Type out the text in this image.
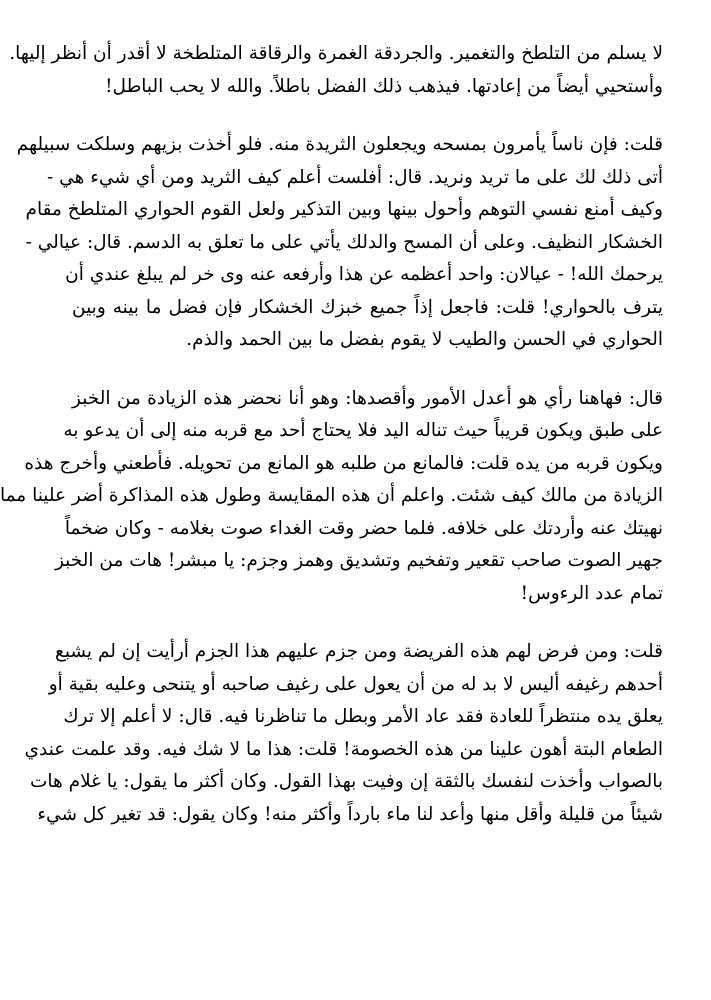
لا يسلم من التلطخ والتغمير. والجردقة الغمرة والرقاقة المتلطخة لا أقدر أن أنظر إليها.
وأستحيي أيضاً من إعادتها. فيذهب ذلك الفضل باطلاً. والله لا يحب الباطل!
قلت: فإن ناساً يأمرون بمسحه ويجعلون الثريدة منه. فلو أخذت بزيهم وسلكت سبيلهم
أتى ذلك لك على ما تريد ونريد. قال: أفلست أعلم كيف الثريد ومن أي شيء هي -
وكيف أمنع نفسي التوهم وأحول بينها وبين التذكير ولعل القوم الحواري المتلطخ مقام
الخشكار النظيف. وعلى أن المسح والدلك يأتي على ما تعلق به الدسم. قال: عيالي -
يرحمك الله! - عيالان: واحد أعظمه عن هذا وأرفعه عنه وى خر لم يبلغ عندي أن
يترف بالحواري! قلت: فاجعل إذاً جميع خبزك الخشكار فإن فضل ما بينه وبين
الحواري في الحسن والطيب لا يقوم بفضل ما بين الحمد والذم.
قال: فهاهنا رأي هو أعدل الأمور وأقصدها: وهو أنا نحضر هذه الزيادة من الخبز
على طبق ويكون قريباً حيث تناله اليد فلا يحتاج أحد مع قربه منه إلى أن يدعو به
ويكون قربه من يده قلت: فالمانع من طلبه هو المانع من تحويله. فأطعني وأخرج هذه
الزيادة من مالك كيف شئت. واعلم أن هذه المقايسة وطول هذه المذاكرة أضر علينا مما
نهيتك عنه وأردتك على خلافه. فلما حضر وقت الغداء صوت بغلامه - وكان ضخماً
جهير الصوت صاحب تقعير وتفخيم وتشديق وهمز وجزم: يا مبشر! هات من الخبز
تمام عدد الرءوس!
قلت: ومن فرض لهم هذه الفريضة ومن جزم عليهم هذا الجزم أرأيت إن لم يشبع
أحدهم رغيفه أليس لا بد له من أن يعول على رغيف صاحبه أو يتنحى وعليه بقية أو
يعلق يده منتظراً للعادة فقد عاد الأمر وبطل ما تناظرنا فيه. قال: لا أعلم إلا ترك
الطعام البتة أهون علينا من هذه الخصومة! قلت: هذا ما لا شك فيه. وقد علمت عندي
بالصواب وأخذت لنفسك بالثقة إن وفيت بهذا القول. وكان أكثر ما يقول: يا غلام هات
شيئاً من قليلة وأقل منها وأعد لنا ماء بارداً وأكثر منه! وكان يقول: قد تغير كل شيء
